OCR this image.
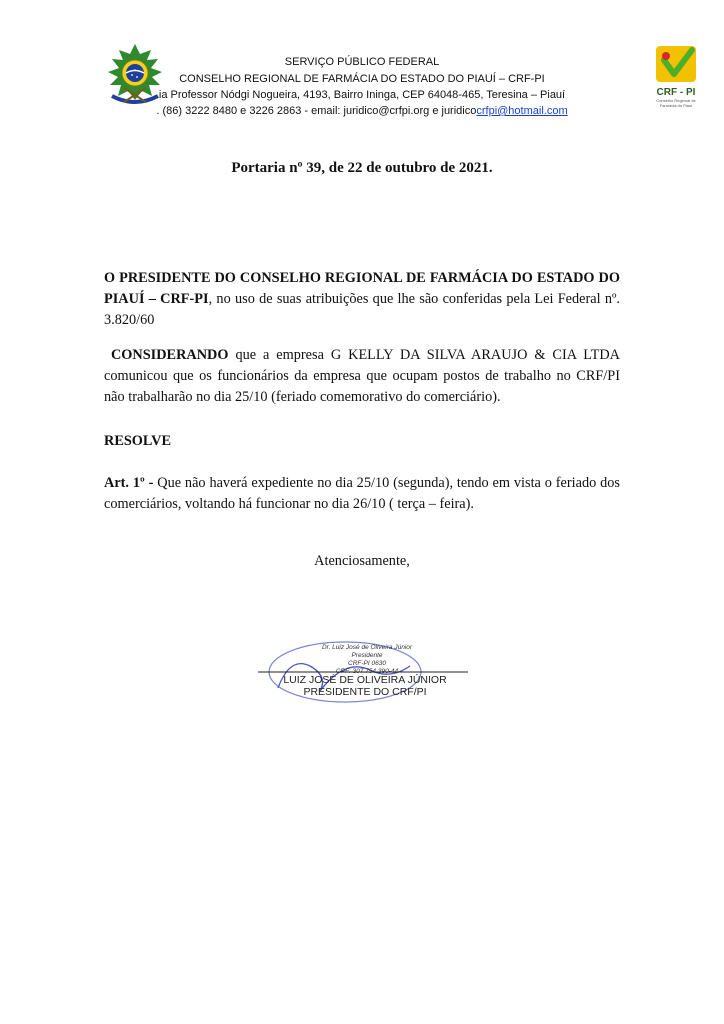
SERVIÇO PÚBLICO FEDERAL
CONSELHO REGIONAL DE FARMÁCIA DO ESTADO DO PIAUÍ – CRF-PI
ia Professor Nódgi Nogueira, 4193, Bairro Ininga, CEP 64048-465, Teresina – Piauí
. (86) 3222 8480 e 3226 2863 - email: juridico@crfpi.org e juridicocrfpi@hotmail.com
CRF - PI
Conselho Regional de Farmácia do Piauí
Portaria nº 39, de 22 de outubro de 2021.
O PRESIDENTE DO CONSELHO REGIONAL DE FARMÁCIA DO ESTADO DO PIAUÍ – CRF-PI, no uso de suas atribuições que lhe são conferidas pela Lei Federal nº. 3.820/60
CONSIDERANDO que a empresa G KELLY DA SILVA ARAUJO & CIA LTDA comunicou que os funcionários da empresa que ocupam postos de trabalho no CRF/PI não trabalharão no dia 25/10 (feriado comemorativo do comerciário).
RESOLVE
Art. 1º - Que não haverá expediente no dia 25/10 (segunda), tendo em vista o feriado dos comerciários, voltando há funcionar no dia 26/10 ( terça – feira).
Atenciosamente,
Dr. Luiz José de Oliveira Júnior
Presidente
CRF-PI 0630
CPF: 307.754.390-44
LUIZ JOSÉ DE OLIVEIRA JÚNIOR
PRESIDENTE DO CRF/PI
